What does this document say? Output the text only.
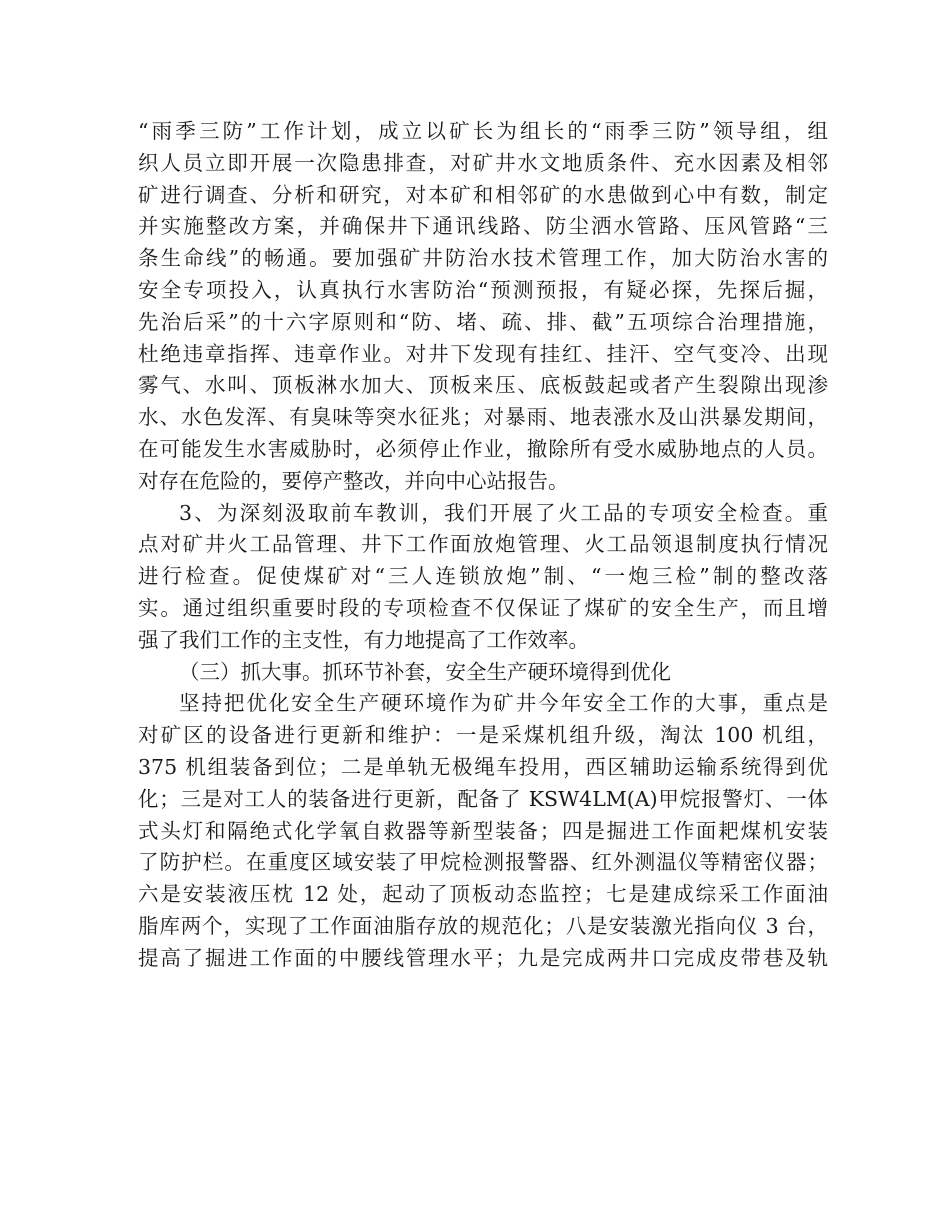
“雨季三防”工作计划，成立以矿长为组长的“雨季三防”领导组，组
织人员立即开展一次隐患排查，对矿井水文地质条件、充水因素及相邻
矿进行调查、分析和研究，对本矿和相邻矿的水患做到心中有数，制定
并实施整改方案，并确保井下通讯线路、防尘洒水管路、压风管路“三
条生命线”的畅通。要加强矿井防治水技术管理工作，加大防治水害的
安全专项投入，认真执行水害防治“预测预报，有疑必探，先探后掘，
先治后采”的十六字原则和“防、堵、疏、排、截”五项综合治理措施，
杜绝违章指挥、违章作业。对井下发现有挂红、挂汗、空气变冷、出现
雾气、水叫、顶板淋水加大、顶板来压、底板鼓起或者产生裂隙出现渗
水、水色发浑、有臭味等突水征兆；对暴雨、地表涨水及山洪暴发期间，
在可能发生水害威胁时，必须停止作业，撤除所有受水威胁地点的人员。
对存在危险的，要停产整改，并向中心站报告。
3、为深刻汲取前车教训，我们开展了火工品的专项安全检查。重
点对矿井火工品管理、井下工作面放炮管理、火工品领退制度执行情况
进行检查。促使煤矿对“三人连锁放炮”制、“一炮三检”制的整改落
实。通过组织重要时段的专项检查不仅保证了煤矿的安全生产，而且增
强了我们工作的主支性，有力地提高了工作效率。
（三）抓大事。抓环节补套，安全生产硬环境得到优化
坚持把优化安全生产硬环境作为矿井今年安全工作的大事，重点是
对矿区的设备进行更新和维护：一是采煤机组升级，淘汰 100 机组，
375 机组装备到位；二是单轨无极绳车投用，西区辅助运输系统得到优
化；三是对工人的装备进行更新，配备了 KSW4LM(A)甲烷报警灯、一体
式头灯和隔绝式化学氧自救器等新型装备；四是掘进工作面耙煤机安装
了防护栏。在重度区域安装了甲烷检测报警器、红外测温仪等精密仪器；
六是安装液压枕 12 处，起动了顶板动态监控；七是建成综采工作面油
脂库两个，实现了工作面油脂存放的规范化；八是安装激光指向仪 3 台，
提高了掘进工作面的中腰线管理水平；九是完成两井口完成皮带巷及轨
